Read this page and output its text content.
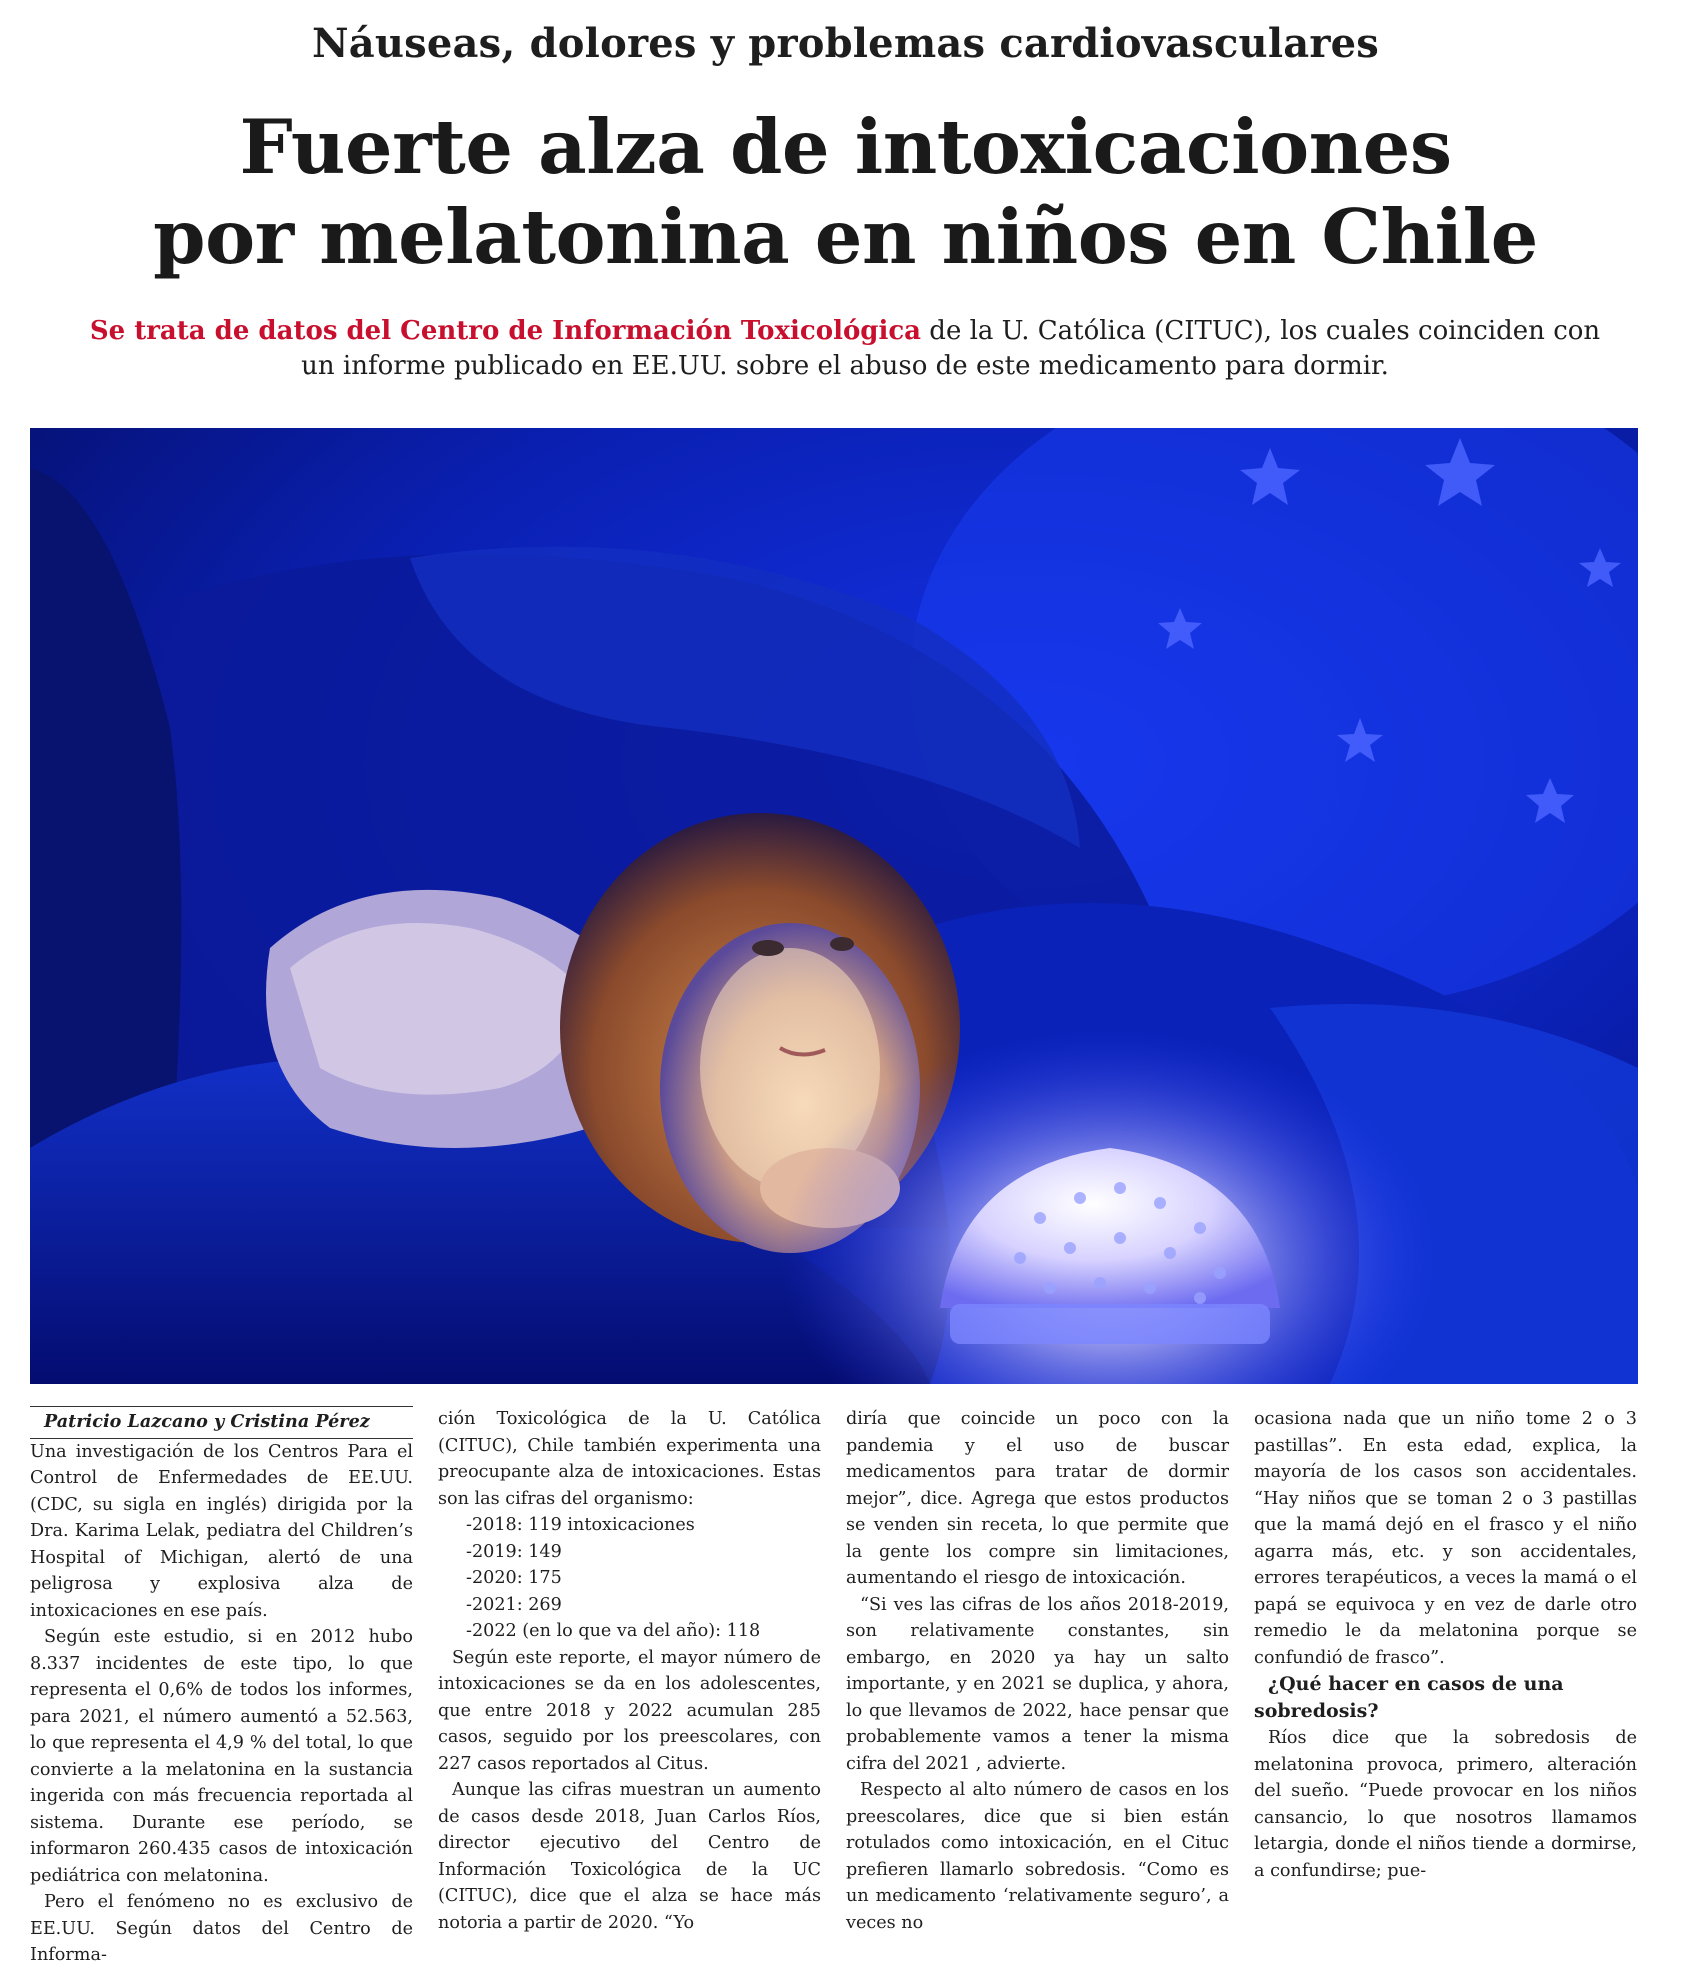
Náuseas, dolores y problemas cardiovasculares
Fuerte alza de intoxicaciones
por melatonina en niños en Chile
Se trata de datos del Centro de Información Toxicológica de la U. Católica (CITUC), los cuales coinciden con un informe publicado en EE.UU. sobre el abuso de este medicamento para dormir.

Patricio Lazcano y Cristina Pérez

Una investigación de los Centros Para el Control de Enfermedades de EE.UU. (CDC, su sigla en inglés) dirigida por la Dra. Karima Lelak, pediatra del Children’s Hospital of Michigan, alertó de una peligrosa y explosiva alza de intoxicaciones en ese país.

Según este estudio, si en 2012 hubo 8.337 incidentes de este tipo, lo que representa el 0,6% de todos los informes, para 2021, el número aumentó a 52.563, lo que representa el 4,9 % del total, lo que convierte a la melatonina en la sustancia ingerida con más frecuencia reportada al sistema. Durante ese período, se informaron 260.435 casos de intoxicación pediátrica con melatonina.

Pero el fenómeno no es exclusivo de EE.UU. Según datos del Centro de Informa-

ción Toxicológica de la U. Católica (CITUC), Chile también experimenta una preocupante alza de intoxicaciones. Estas son las cifras del organismo:

-2018: 119 intoxicaciones

-2019: 149

-2020: 175

-2021: 269

-2022 (en lo que va del año): 118

Según este reporte, el mayor número de intoxicaciones se da en los adolescentes, que entre 2018 y 2022 acumulan 285 casos, seguido por los preescolares, con 227 casos reportados al Citus.

Aunque las cifras muestran un aumento de casos desde 2018, Juan Carlos Ríos, director ejecutivo del Centro de Información Toxicológica de la UC (CITUC), dice que el alza se hace más notoria a partir de 2020. “Yo

diría que coincide un poco con la pandemia y el uso de buscar medicamentos para tratar de dormir mejor”, dice. Agrega que estos productos se venden sin receta, lo que permite que la gente los compre sin limitaciones, aumentando el riesgo de intoxicación.

“Si ves las cifras de los años 2018-2019, son relativamente constantes, sin embargo, en 2020 ya hay un salto importante, y en 2021 se duplica, y ahora, lo que llevamos de 2022, hace pensar que probablemente vamos a tener la misma cifra del 2021 , advierte.

Respecto al alto número de casos en los preescolares, dice que si bien están rotulados como intoxicación, en el Cituc prefieren llamarlo sobredosis. “Como es un medicamento ‘relativamente seguro’, a veces no

ocasiona nada que un niño tome 2 o 3 pastillas”. En esta edad, explica, la mayoría de los casos son accidentales. “Hay niños que se toman 2 o 3 pastillas que la mamá dejó en el frasco y el niño agarra más, etc. y son accidentales, errores terapéuticos, a veces la mamá o el papá se equivoca y en vez de darle otro remedio le da melatonina porque se confundió de frasco”.

¿Qué hacer en casos de una sobredosis?

Ríos dice que la sobredosis de melatonina provoca, primero, alteración del sueño. “Puede provocar en los niños cansancio, lo que nosotros llamamos letargia, donde el niños tiende a dormirse, a confundirse; pue-
